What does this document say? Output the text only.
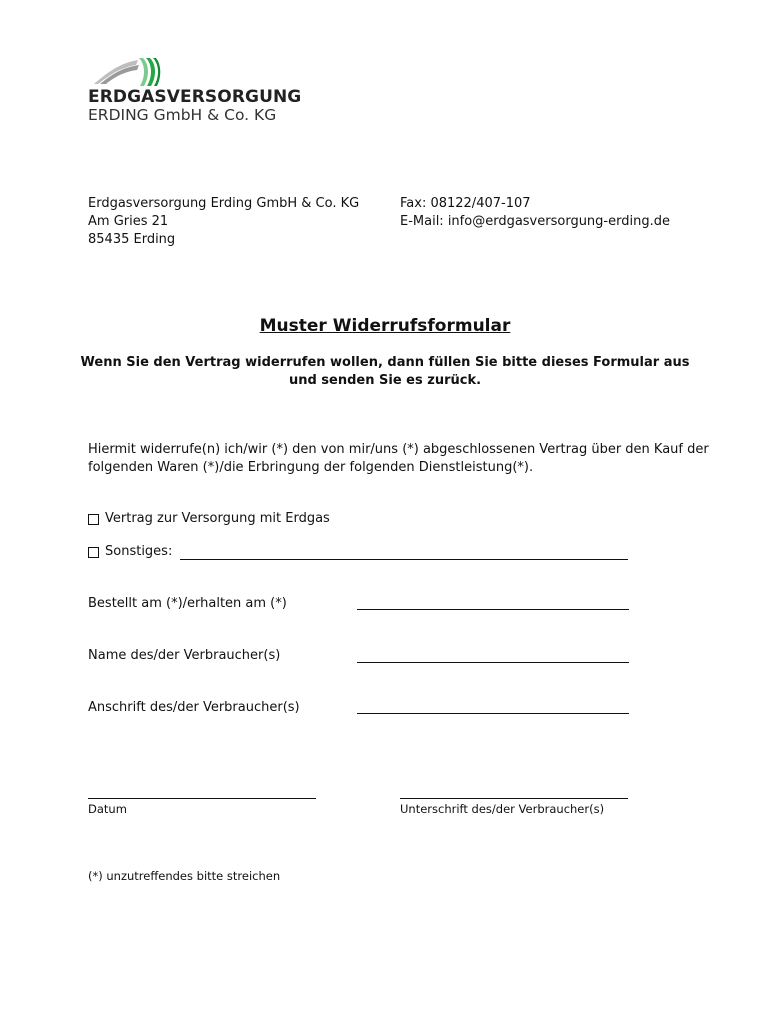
ERDGASVERSORGUNG
ERDING GmbH & Co. KG
Erdgasversorgung Erding GmbH & Co. KG
Am Gries 21
85435 Erding
Fax: 08122/407-107
E-Mail: info@erdgasversorgung-erding.de
Muster Widerrufsformular
Wenn Sie den Vertrag widerrufen wollen, dann füllen Sie bitte dieses Formular aus
und senden Sie es zurück.
Hiermit widerrufe(n) ich/wir (*) den von mir/uns (*) abgeschlossenen Vertrag über den Kauf der
folgenden Waren (*)/die Erbringung der folgenden Dienstleistung(*).
Vertrag zur Versorgung mit Erdgas
Sonstiges:
Bestellt am (*)/erhalten am (*)
Name des/der Verbraucher(s)
Anschrift des/der Verbraucher(s)
Datum	Unterschrift des/der Verbraucher(s)
(*) unzutreffendes bitte streichen
